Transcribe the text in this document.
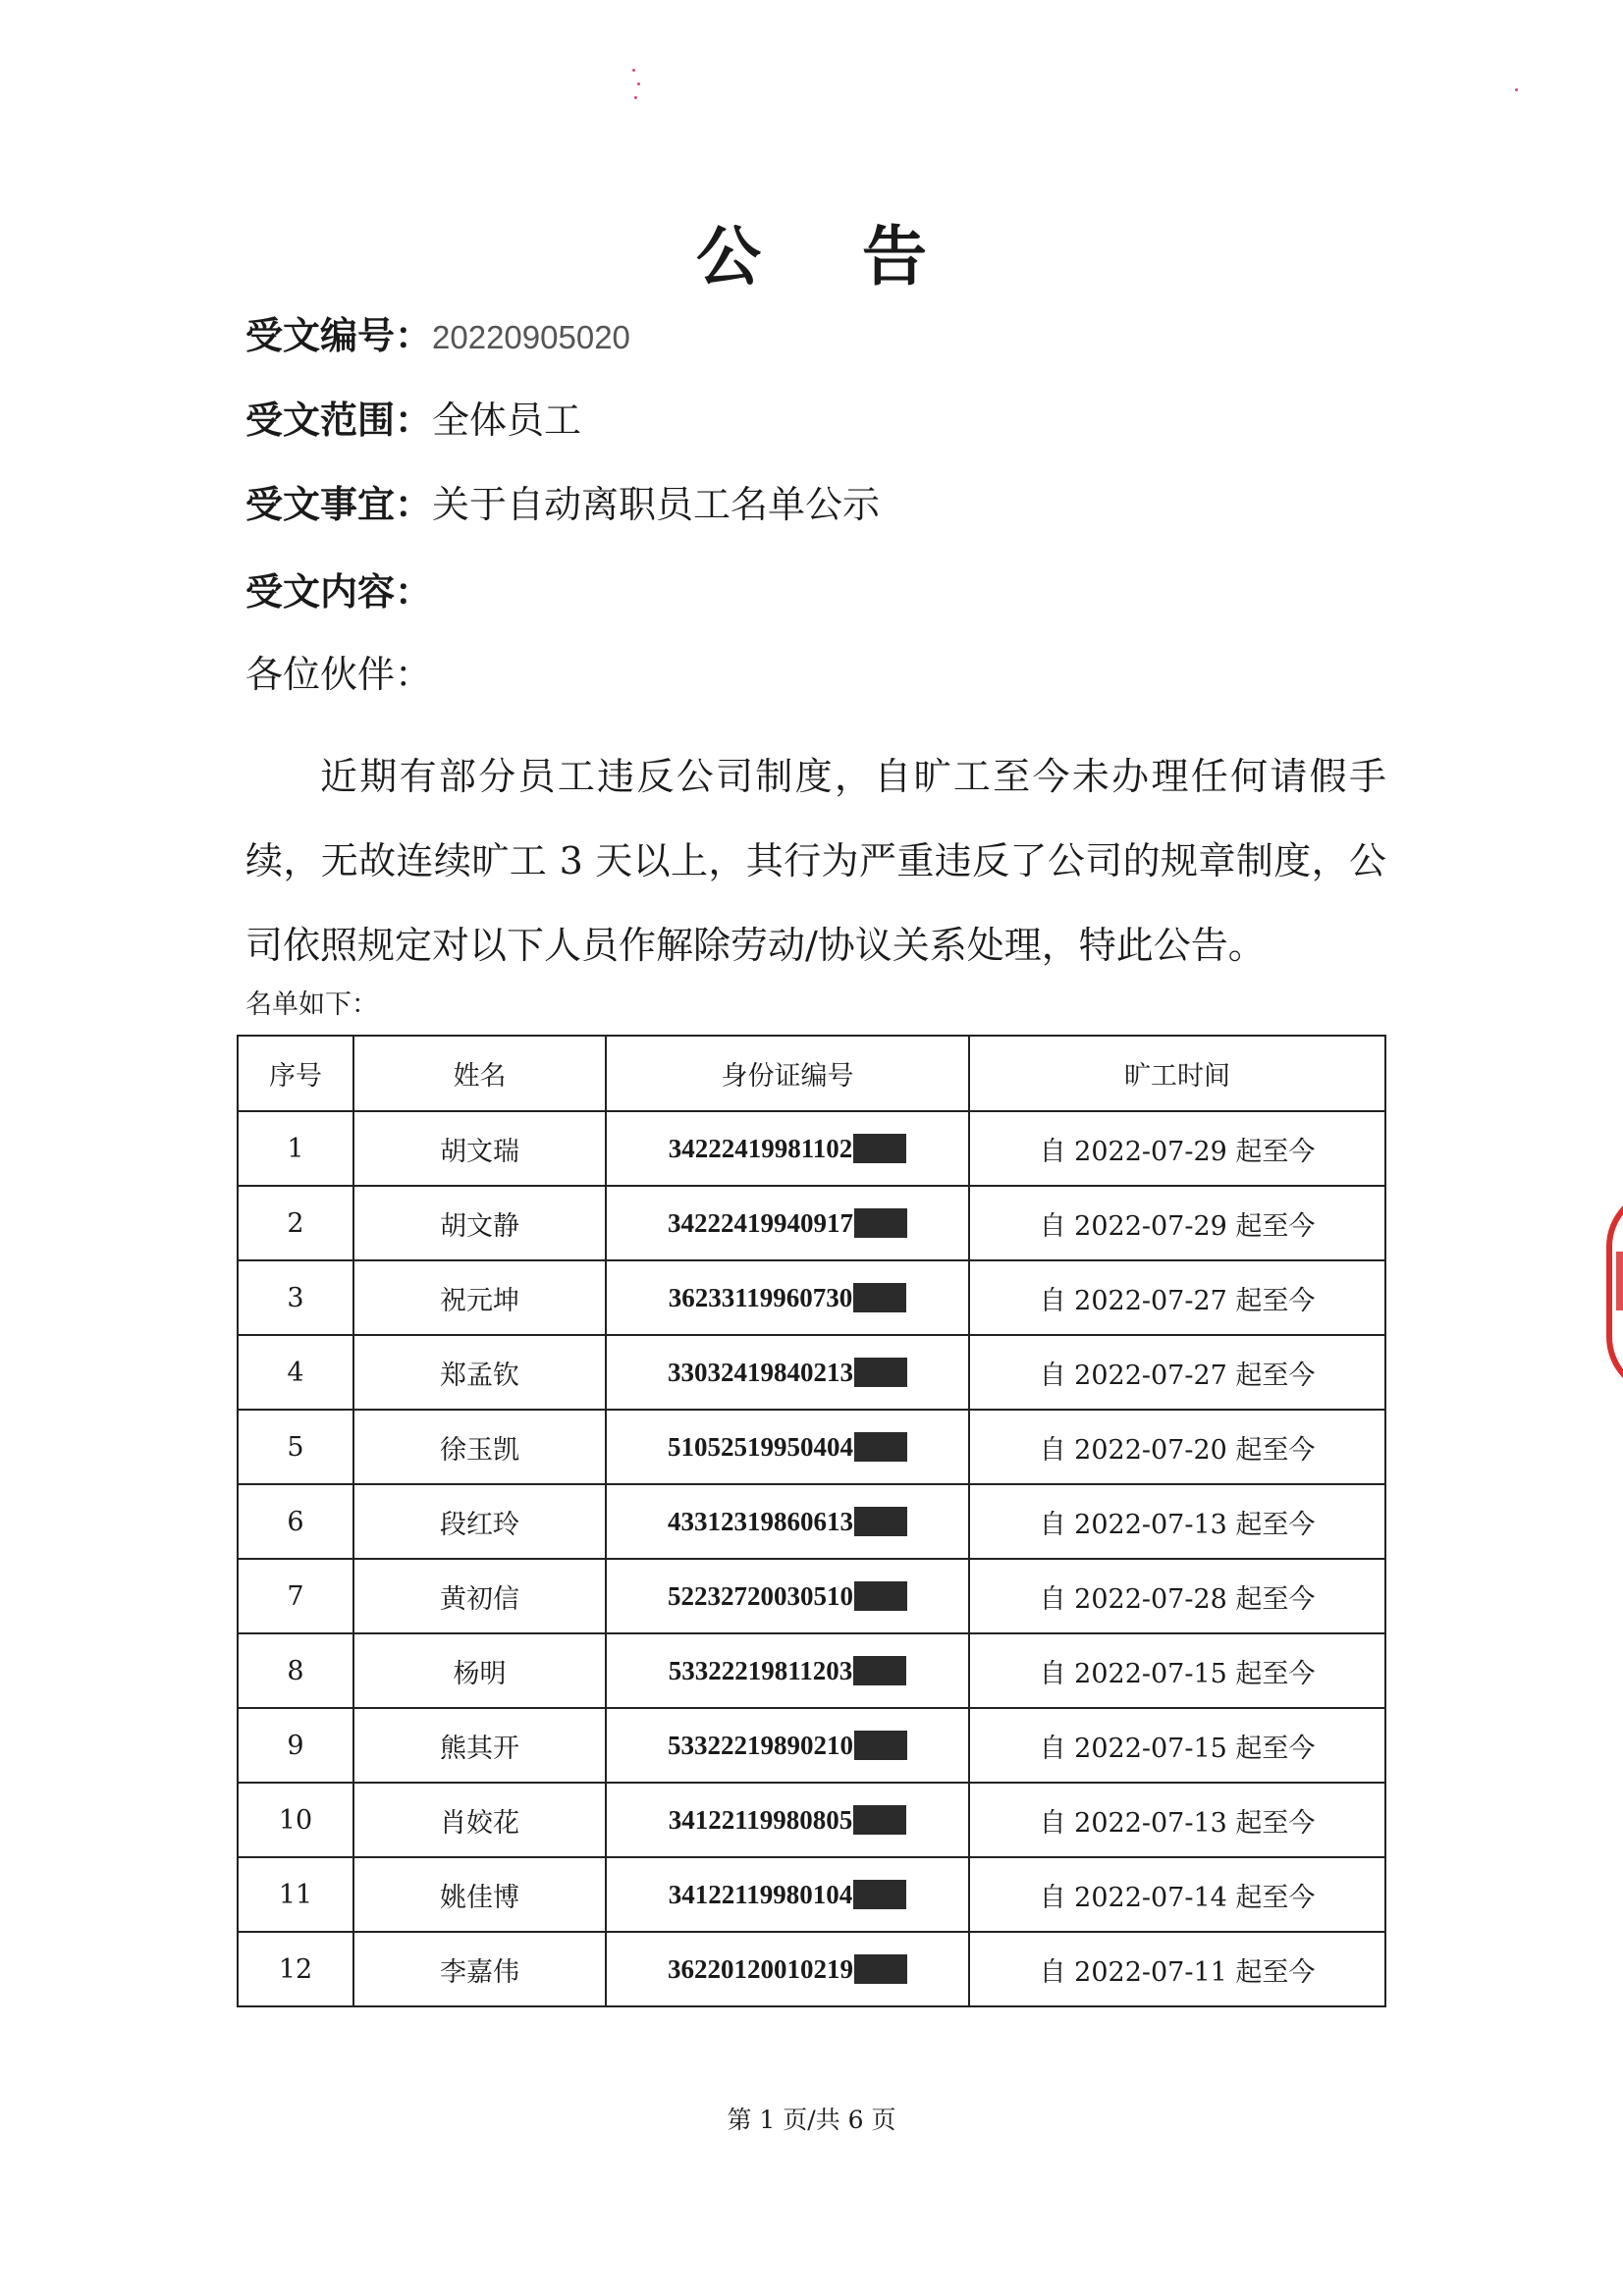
公 告
受文编号：20220905020
受文范围：全体员工
受文事宜：关于自动离职员工名单公示
受文内容：
各位伙伴：
近期有部分员工违反公司制度，自旷工至今未办理任何请假手续，无故连续旷工 3 天以上，其行为严重违反了公司的规章制度，公司依照规定对以下人员作解除劳动/协议关系处理，特此公告。
名单如下：
序号	姓名	身份证编号	旷工时间
1	胡文瑞	34222419981102	自 2022-07-29 起至今
2	胡文静	34222419940917	自 2022-07-29 起至今
3	祝元坤	36233119960730	自 2022-07-27 起至今
4	郑孟钦	33032419840213	自 2022-07-27 起至今
5	徐玉凯	51052519950404	自 2022-07-20 起至今
6	段红玲	43312319860613	自 2022-07-13 起至今
7	黄初信	52232720030510	自 2022-07-28 起至今
8	杨明	53322219811203	自 2022-07-15 起至今
9	熊其开	53322219890210	自 2022-07-15 起至今
10	肖姣花	34122119980805	自 2022-07-13 起至今
11	姚佳博	34122119980104	自 2022-07-14 起至今
12	李嘉伟	36220120010219	自 2022-07-11 起至今
第 1 页/共 6 页
